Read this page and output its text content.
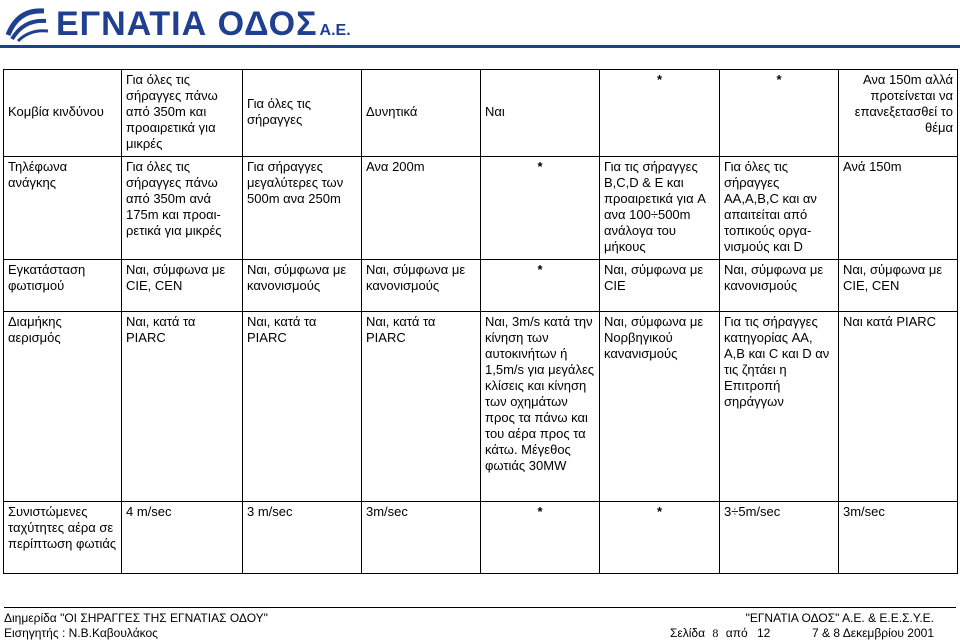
ΕΓΝΑΤΙΑ ΟΔΟΣ Α.Ε.
Κομβία κινδύνου	Για όλες τις σήραγγες πάνω από 350m και προαιρετικά για μικρές	Για όλες τις σήραγγες	Δυνητικά	Ναι	*	*	Ανα 150m αλλά προτείνεται να επανεξετασθεί το θέμα
Τηλέφωνα ανάγκης	Για όλες τις σήραγγες πάνω από 350m ανά 175m και προαι-ρετικά για μικρές	Για σήραγγες μεγαλύτερες των 500m ανα 250m	Ανα 200m	*	Για τις σήραγγες B,C,D & E και προαιρετικά για A ανα 100÷500m ανάλογα του μήκους	Για όλες τις σήραγγες AA,A,B,C και αν απαιτείται από τοπικούς οργα-νισμούς και D	Ανά 150m
Εγκατάσταση φωτισμού	Ναι, σύμφωνα με CIE, CEN	Ναι, σύμφωνα με κανονισμούς	Ναι, σύμφωνα με κανονισμούς	*	Ναι, σύμφωνα με CIE	Ναι, σύμφωνα με κανονισμούς	Ναι, σύμφωνα με CIE, CEN
Διαμήκης αερισμός	Ναι, κατά τα PIARC	Ναι, κατά τα PIARC	Ναι, κατά τα PIARC	Ναι, 3m/s κατά την κίνηση των αυτοκινήτων ή 1,5m/s για μεγάλες κλίσεις και κίνηση των οχημάτων προς τα πάνω και του αέρα προς τα κάτω. Μέγεθος φωτιάς 30MW	Ναι, σύμφωνα με Νορβηγικού κανανισμούς	Για τις σήραγγες κατηγορίας AA, A,B και C και D αν τις ζητάει η Επιτροπή σηράγγων	Ναι κατά PIARC
Συνιστώμενες ταχύτητες αέρα σε περίπτωση φωτιάς	4 m/sec	3 m/sec	3m/sec	*	*	3÷5m/sec	3m/sec
Διημερίδα "ΟΙ ΣΗΡΑΓΓΕΣ ΤΗΣ ΕΓΝΑΤΙΑΣ ΟΔΟΥ"	"ΕΓΝΑΤΙΑ ΟΔΟΣ" Α.Ε. & Ε.Ε.Σ.Υ.Ε.
Εισηγητής : Ν.Β.Καβουλάκος	Σελίδα 8 από 12	7 & 8 Δεκεμβρίου 2001
